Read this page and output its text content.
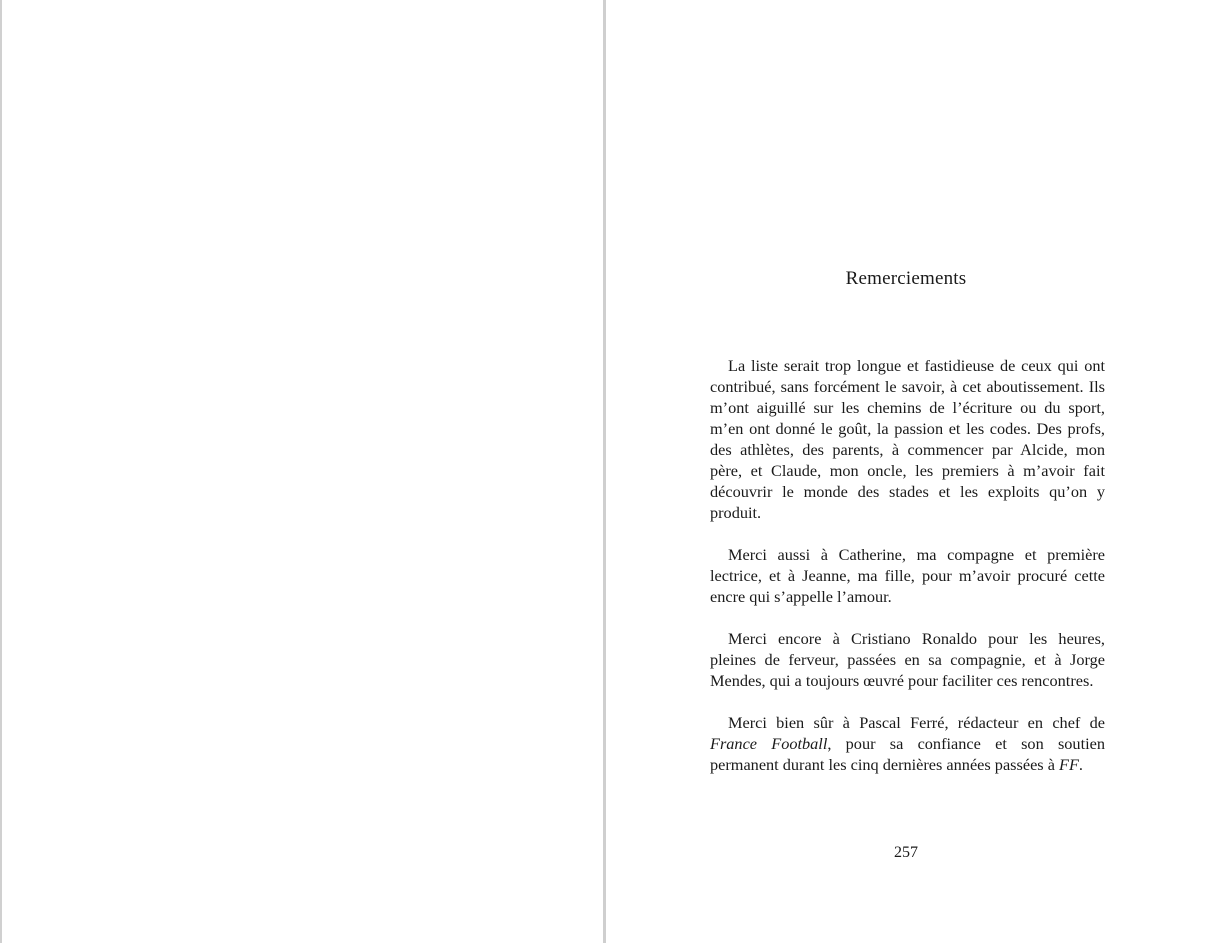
Remerciements

La liste serait trop longue et fastidieuse de ceux qui ont contribué, sans forcément le savoir, à cet aboutissement. Ils m’ont aiguillé sur les chemins de l’écriture ou du sport, m’en ont donné le goût, la passion et les codes. Des profs, des athlètes, des parents, à commencer par Alcide, mon père, et Claude, mon oncle, les premiers à m’avoir fait découvrir le monde des stades et les exploits qu’on y produit.

Merci aussi à Catherine, ma compagne et première lectrice, et à Jeanne, ma fille, pour m’avoir procuré cette encre qui s’appelle l’amour.

Merci encore à Cristiano Ronaldo pour les heures, pleines de ferveur, passées en sa compagnie, et à Jorge Mendes, qui a toujours œuvré pour faciliter ces rencontres.

Merci bien sûr à Pascal Ferré, rédacteur en chef de France Football, pour sa confiance et son soutien permanent durant les cinq dernières années passées à FF.

257
